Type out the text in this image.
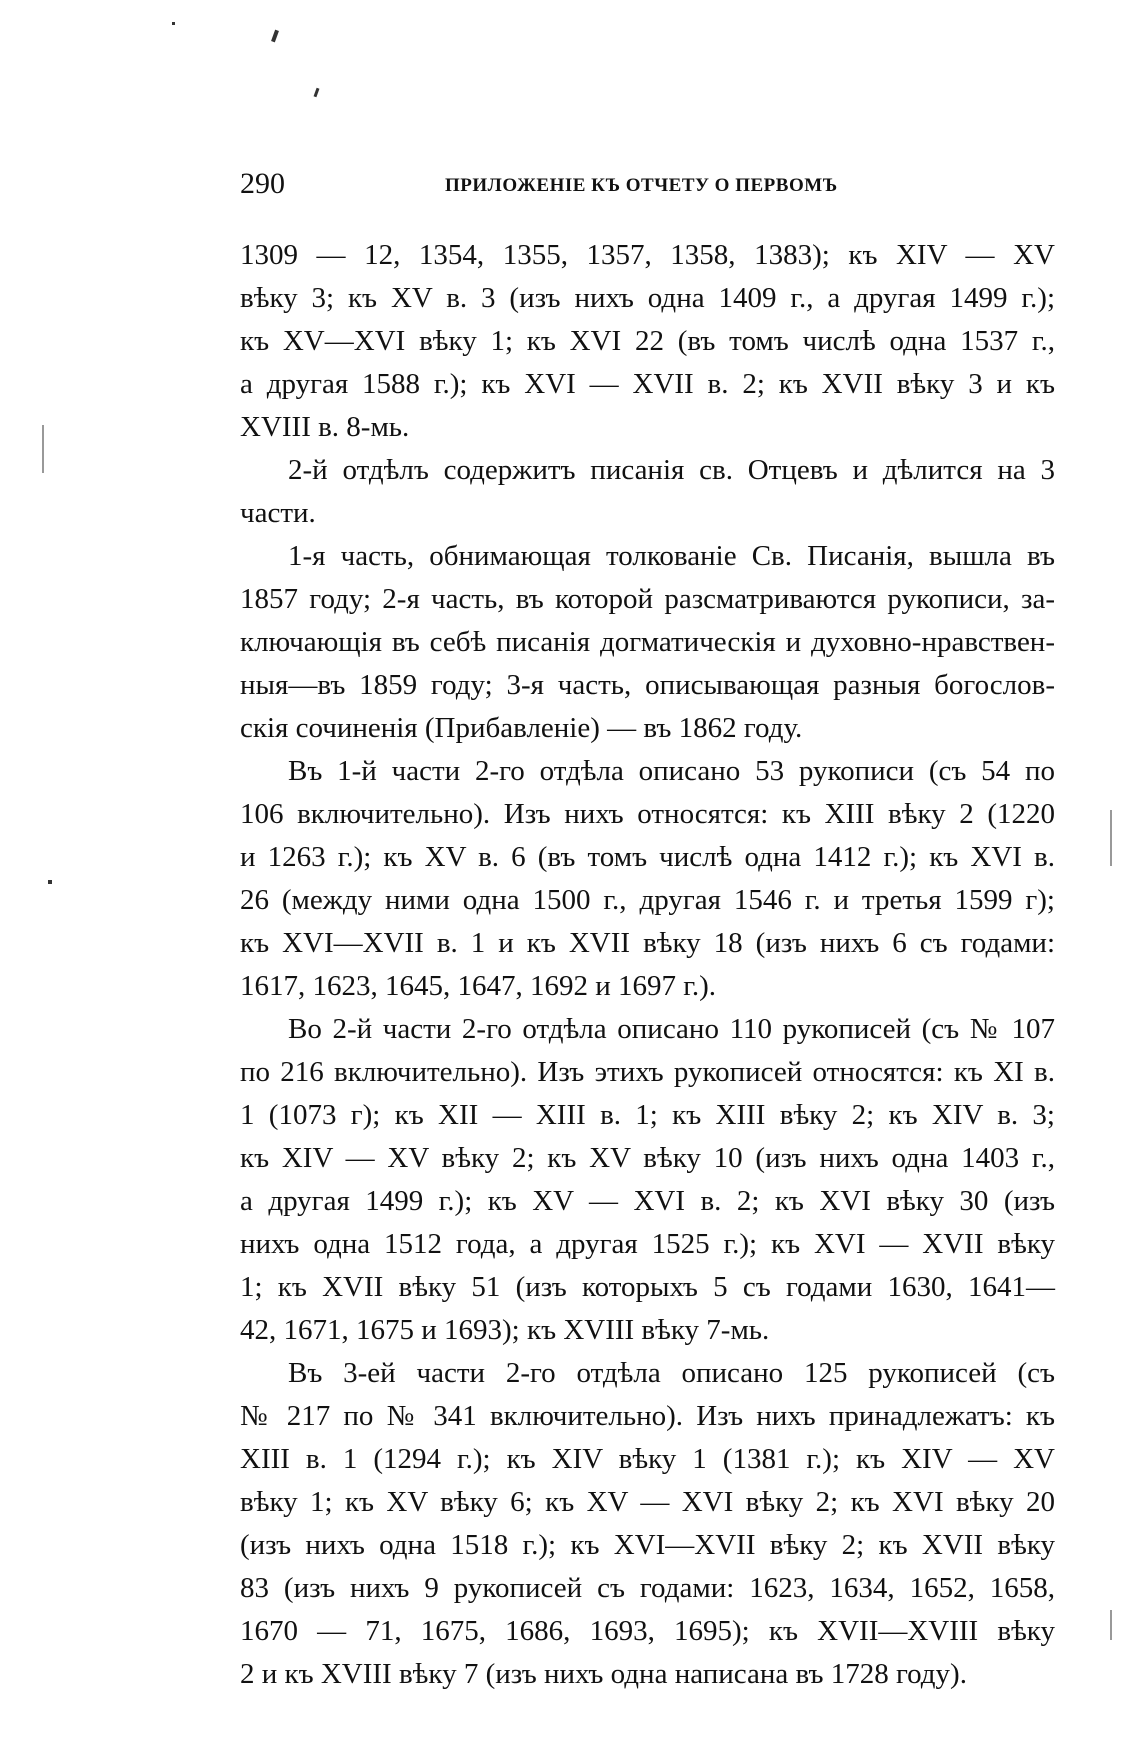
290	ПРИЛОЖЕНІЕ КЪ ОТЧЕТУ О ПЕРВОМЪ

1309 — 12, 1354, 1355, 1357, 1358, 1383); къ XIV — XV
вѣку 3; къ XV в. 3 (изъ нихъ одна 1409 г., а другая 1499 г.);
къ XV—XVI вѣку 1; къ XVI 22 (въ томъ числѣ одна 1537 г.,
а другая 1588 г.); къ XVI — XVII в. 2; къ XVII вѣку 3 и къ
XVIII в. 8-мь.

2-й отдѣлъ содержитъ писанія св. Отцевъ и дѣлится на 3
части.

1-я часть, обнимающая толкованіе Св. Писанія, вышла въ
1857 году; 2-я часть, въ которой разсматриваются рукописи, за-
ключающія въ себѣ писанія догматическія и духовно-нравствен-
ныя—въ 1859 году; 3-я часть, описывающая разныя богослов-
скія сочиненія (Прибавленіе) — въ 1862 году.

Въ 1-й части 2-го отдѣла описано 53 рукописи (съ 54 по
106 включительно). Изъ нихъ относятся: къ XIII вѣку 2 (1220
и 1263 г.); къ XV в. 6 (въ томъ числѣ одна 1412 г.); къ XVI в.
26 (между ними одна 1500 г., другая 1546 г. и третья 1599 г);
къ XVI—XVII в. 1 и къ XVII вѣку 18 (изъ нихъ 6 съ годами:
1617, 1623, 1645, 1647, 1692 и 1697 г.).

Во 2-й части 2-го отдѣла описано 110 рукописей (съ № 107
по 216 включительно). Изъ этихъ рукописей относятся: къ XI в.
1 (1073 г); къ XII — XIII в. 1; къ XIII вѣку 2; къ XIV в. 3;
къ XIV — XV вѣку 2; къ XV вѣку 10 (изъ нихъ одна 1403 г.,
а другая 1499 г.); къ XV — XVI в. 2; къ XVI вѣку 30 (изъ
нихъ одна 1512 года, а другая 1525 г.); къ XVI — XVII вѣку
1; къ XVII вѣку 51 (изъ которыхъ 5 съ годами 1630, 1641—
42, 1671, 1675 и 1693); къ XVIII вѣку 7-мь.

Въ 3-ей части 2-го отдѣла описано 125 рукописей (съ
№ 217 по № 341 включительно). Изъ нихъ принадлежатъ: къ
XIII в. 1 (1294 г.); къ XIV вѣку 1 (1381 г.); къ XIV — XV
вѣку 1; къ XV вѣку 6; къ XV — XVI вѣку 2; къ XVI вѣку 20
(изъ нихъ одна 1518 г.); къ XVI—XVII вѣку 2; къ XVII вѣку
83 (изъ нихъ 9 рукописей съ годами: 1623, 1634, 1652, 1658,
1670 — 71, 1675, 1686, 1693, 1695); къ XVII—XVIII вѣку
2 и къ XVIII вѣку 7 (изъ нихъ одна написана въ 1728 году).
